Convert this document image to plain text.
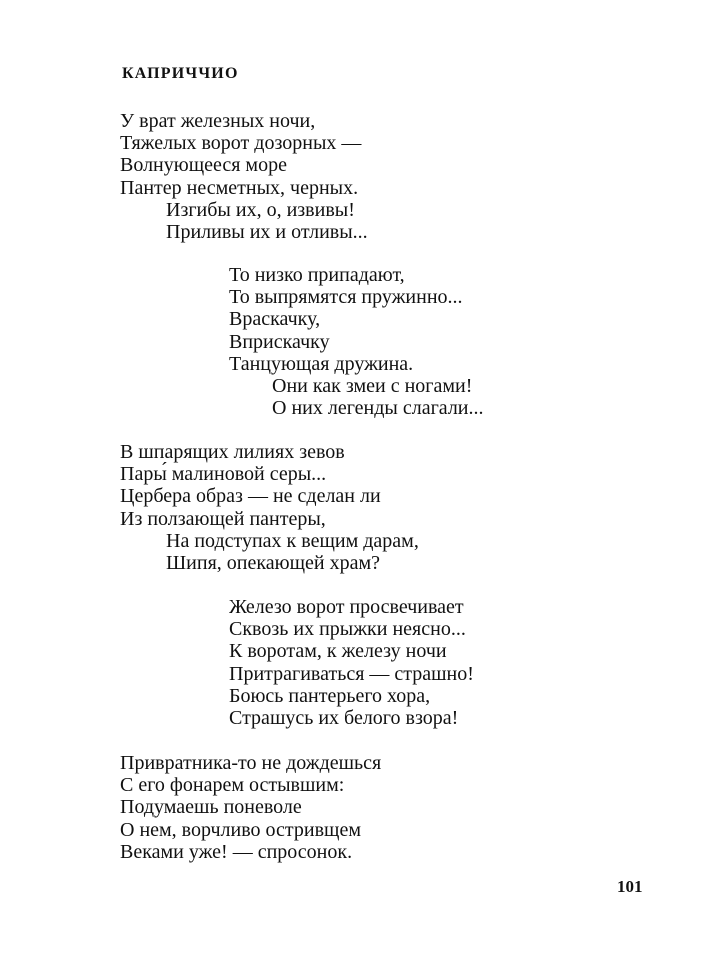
КАПРИЧЧИО
У врат железных ночи,
Тяжелых ворот дозорных —
Волнующееся море
Пантер несметных, черных.
Изгибы их, о, извивы!
Приливы их и отливы...
То низко припадают,
То выпрямятся пружинно...
Враскачку,
Вприскачку
Танцующая дружина.
Они как змеи с ногами!
О них легенды слагали...
В шпарящих лилиях зевов
Пары́ малиновой серы...
Цербера образ — не сделан ли
Из ползающей пантеры,
На подступах к вещим дарам,
Шипя, опекающей храм?
Железо ворот просвечивает
Сквозь их прыжки неясно...
К воротам, к железу ночи
Притрагиваться — страшно!
Боюсь пантерьего хора,
Страшусь их белого взора!
Привратника-то не дождешься
С его фонарем остывшим:
Подумаешь поневоле
О нем, ворчливо остривщем
Веками уже! — спросонок.
101
